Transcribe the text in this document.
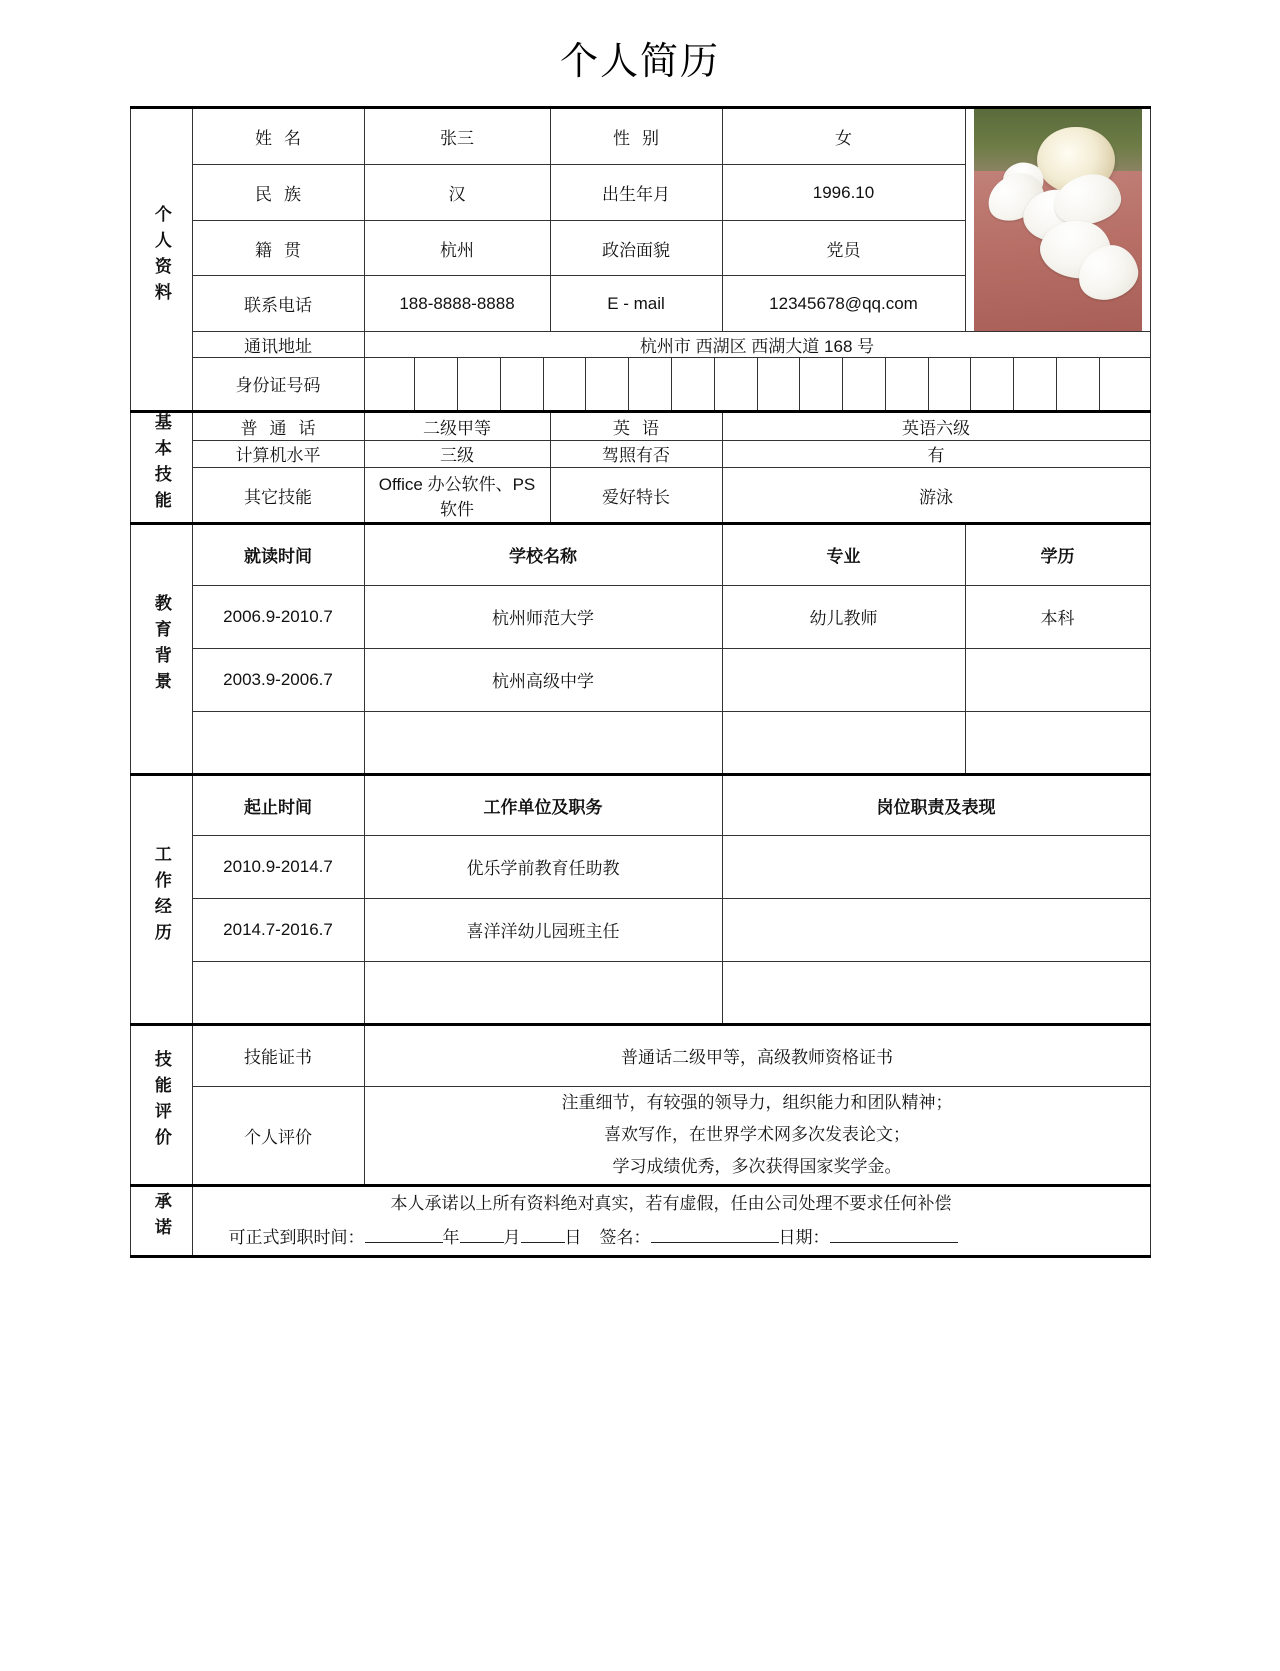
个人简历
个人资料	姓名	张三	性别	女	

	民族	汉	出生年月	1996.10	
	籍贯	杭州	政治面貌	党员	
	联系电话	188-8888-8888	E - mail	12345678@qq.com	
	通讯地址	杭州市 西湖区 西湖大道 168 号			
	身份证号码				

基本技能	普通话	二级甲等	英语	英语六级	
	计算机水平	三级	驾照有否	有	
	其它技能	Office 办公软件、PS 软件	爱好特长	游泳	
教育背景	就读时间	学校名称		专业	学历
	2006.9-2010.7	杭州师范大学		幼儿教师	本科
	2003.9-2006.7	杭州高级中学			

工作经历	起止时间	工作单位及职务		岗位职责及表现	
	2010.9-2014.7	优乐学前教育任助教			
	2014.7-2016.7	喜洋洋幼儿园班主任			

技能评价	技能证书	普通话二级甲等，高级教师资格证书			
	个人评价	注重细节，有较强的领导力，组织能力和团队精神；
喜欢写作，在世界学术网多次发表论文；
学习成绩优秀，多次获得国家奖学金。			

承诺	本人承诺以上所有资料绝对真实，若有虚假，任由公司处理不要求任何补偿
可正式到职时间： 年 月 日 签名： 日期：				
